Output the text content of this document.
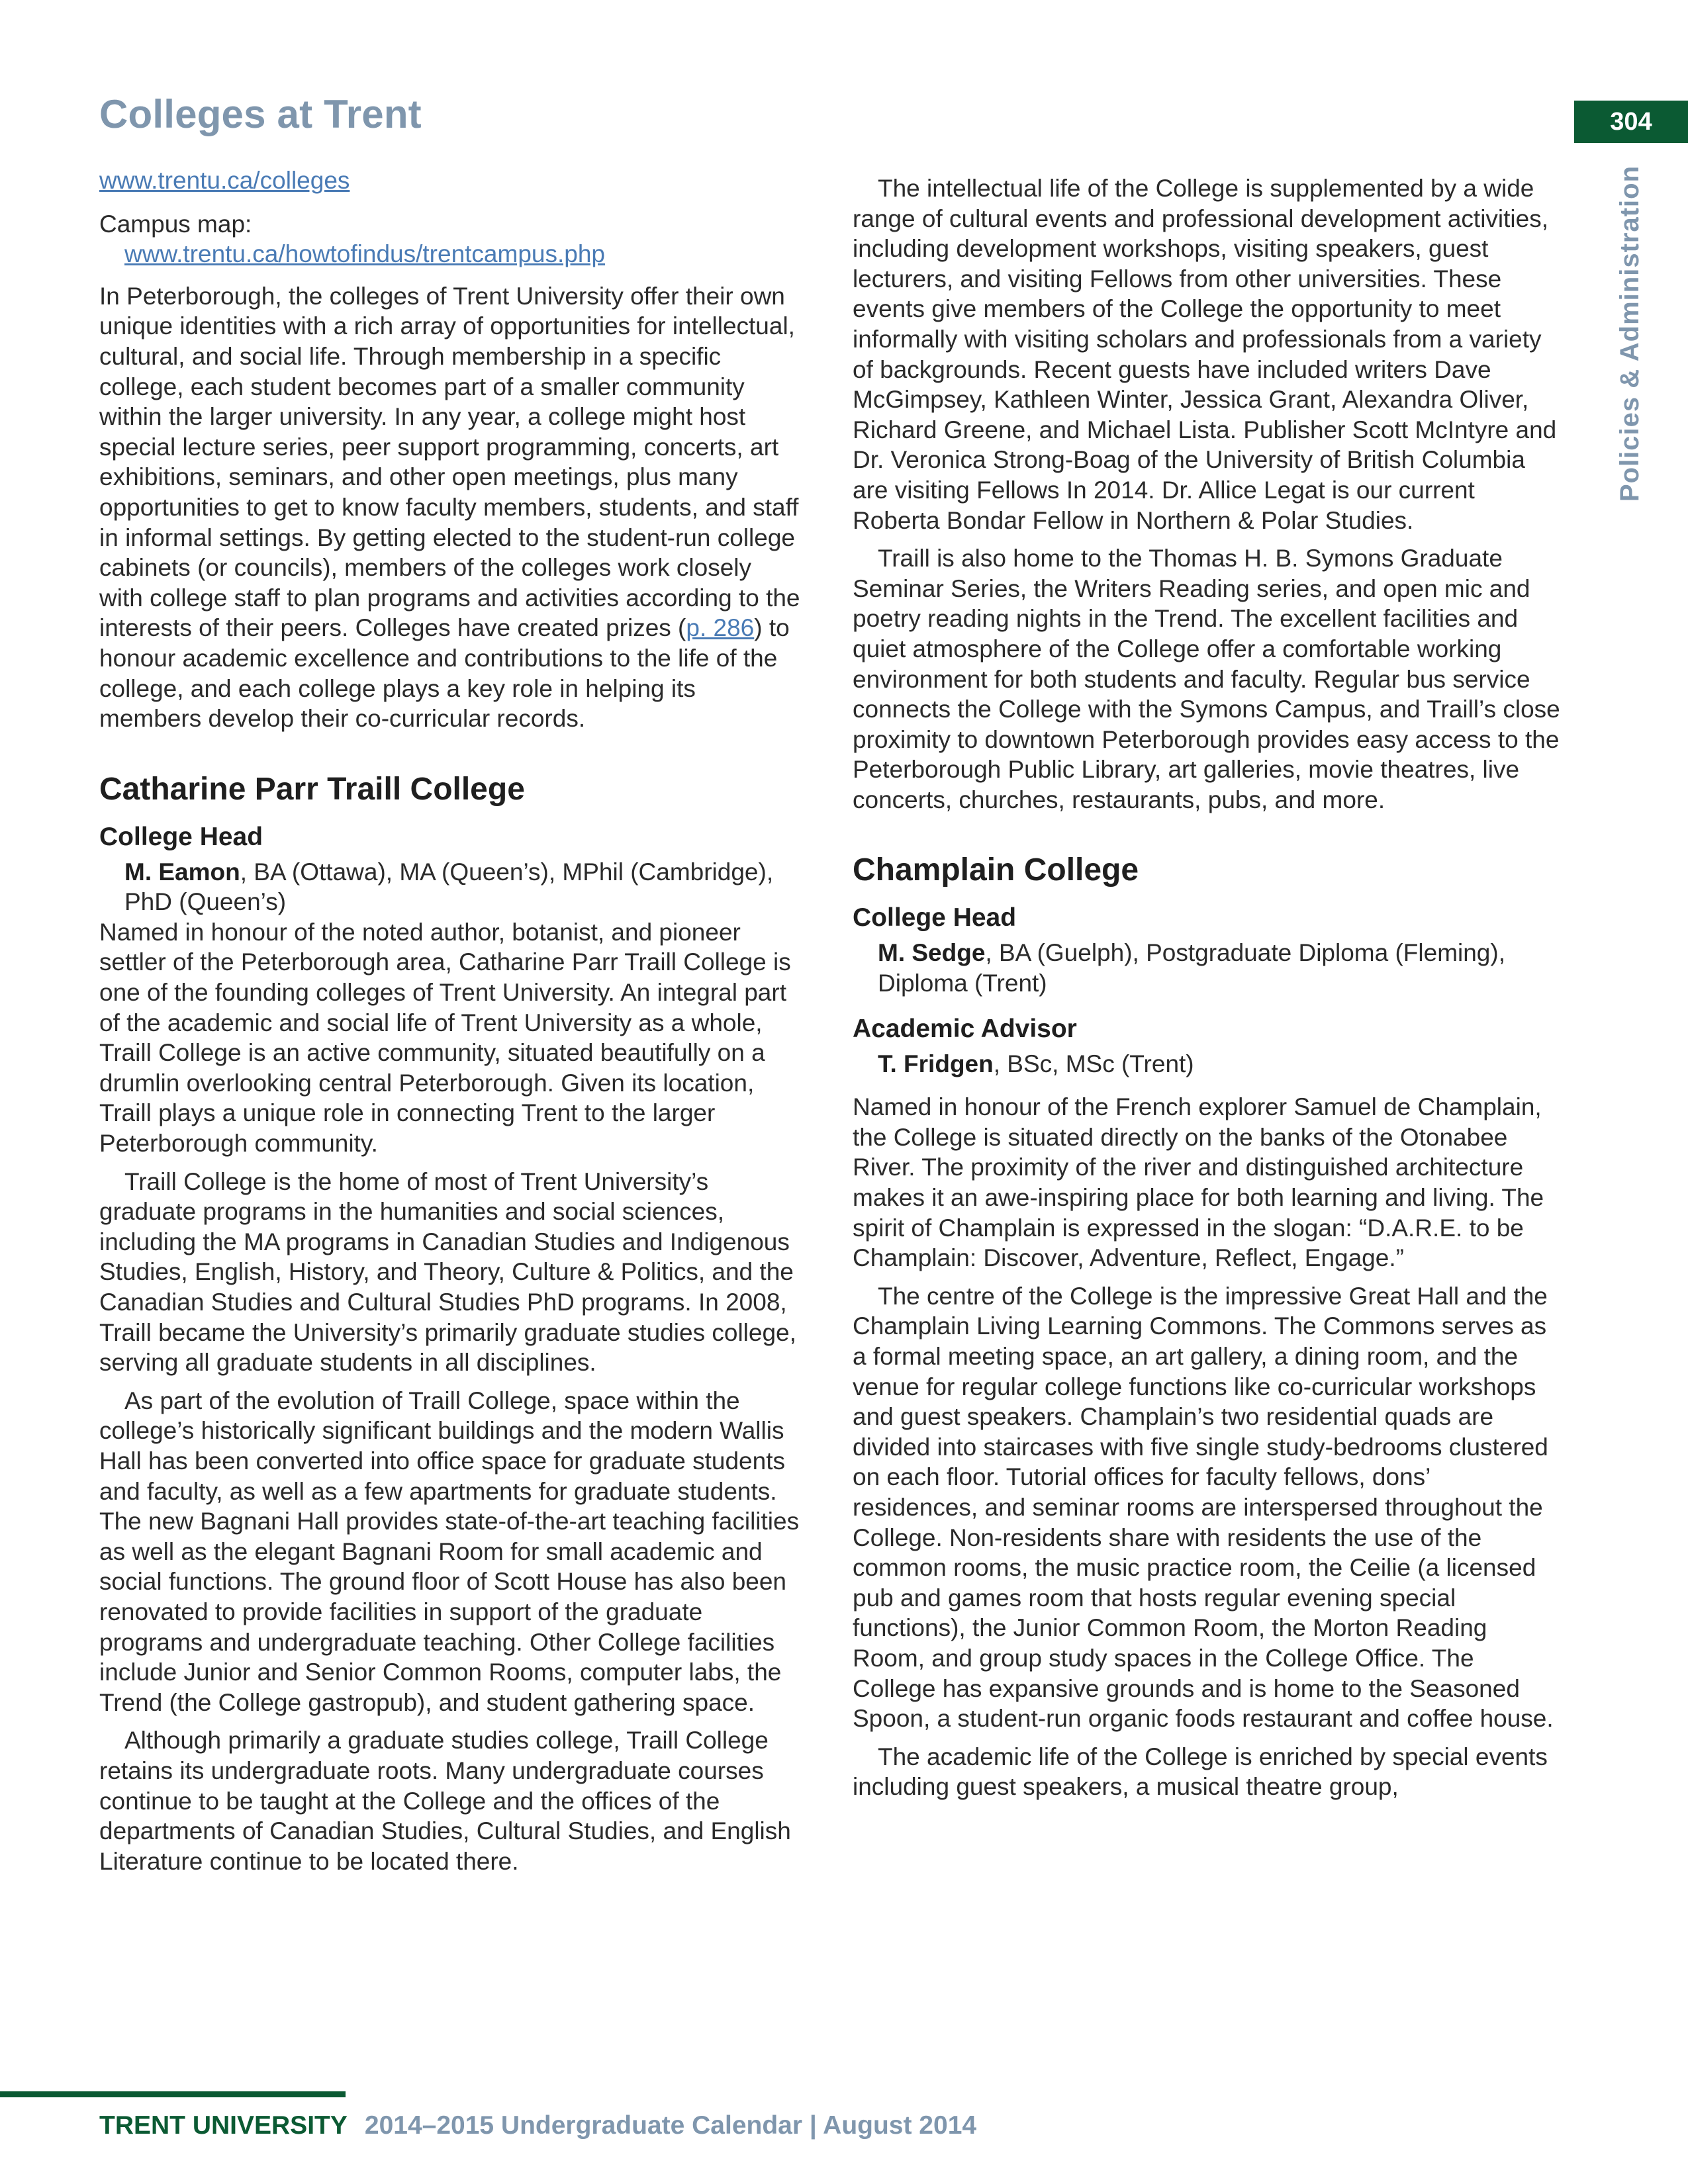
Colleges at Trent	304
Policies & Administration

www.trentu.ca/colleges

Campus map:

www.trentu.ca/howtofindus/trentcampus.php

In Peterborough, the colleges of Trent University offer their own unique identities with a rich array of opportunities for intellectual, cultural, and social life. Through membership in a specific college, each student becomes part of a smaller community within the larger university. In any year, a college might host special lecture series, peer support programming, concerts, art exhibitions, seminars, and other open meetings, plus many opportunities to get to know faculty members, students, and staff in informal settings. By getting elected to the student-run college cabinets (or councils), members of the colleges work closely with college staff to plan programs and activities according to the interests of their peers. Colleges have created prizes (p. 286) to honour academic excellence and contributions to the life of the college, and each college plays a key role in helping its members develop their co-curricular records.

Catharine Parr Traill College
College Head

M. Eamon, BA (Ottawa), MA (Queen’s), MPhil (Cambridge), PhD (Queen’s)

Named in honour of the noted author, botanist, and pioneer settler of the Peterborough area, Catharine Parr Traill College is one of the founding colleges of Trent University. An integral part of the academic and social life of Trent University as a whole, Traill College is an active community, situated beautifully on a drumlin overlooking central Peterborough. Given its location, Traill plays a unique role in connecting Trent to the larger Peterborough community.

Traill College is the home of most of Trent University’s graduate programs in the humanities and social sciences, including the MA programs in Canadian Studies and Indigenous Studies, English, History, and Theory, Culture & Politics, and the Canadian Studies and Cultural Studies PhD programs. In 2008, Traill became the University’s primarily graduate studies college, serving all graduate students in all disciplines.

As part of the evolution of Traill College, space within the college’s historically significant buildings and the modern Wallis Hall has been converted into office space for graduate students and faculty, as well as a few apartments for graduate students. The new Bagnani Hall provides state-of-the-art teaching facilities as well as the elegant Bagnani Room for small academic and social functions. The ground floor of Scott House has also been renovated to provide facilities in support of the graduate programs and undergraduate teaching. Other College facilities include Junior and Senior Common Rooms, computer labs, the Trend (the College gastropub), and student gathering space.

Although primarily a graduate studies college, Traill College retains its undergraduate roots. Many undergraduate courses continue to be taught at the College and the offices of the departments of Canadian Studies, Cultural Studies, and English Literature continue to be located there.

The intellectual life of the College is supplemented by a wide range of cultural events and professional development activities, including development workshops, visiting speakers, guest lecturers, and visiting Fellows from other universities. These events give members of the College the opportunity to meet informally with visiting scholars and professionals from a variety of backgrounds. Recent guests have included writers Dave McGimpsey, Kathleen Winter, Jessica Grant, Alexandra Oliver, Richard Greene, and Michael Lista. Publisher Scott McIntyre and Dr. Veronica Strong-Boag of the University of British Columbia are visiting Fellows In 2014. Dr. Allice Legat is our current Roberta Bondar Fellow in Northern & Polar Studies.

Traill is also home to the Thomas H. B. Symons Graduate Seminar Series, the Writers Reading series, and open mic and poetry reading nights in the Trend. The excellent facilities and quiet atmosphere of the College offer a comfortable working environment for both students and faculty. Regular bus service connects the College with the Symons Campus, and Traill’s close proximity to downtown Peterborough provides easy access to the Peterborough Public Library, art galleries, movie theatres, live concerts, churches, restaurants, pubs, and more.

Champlain College
College Head

M. Sedge, BA (Guelph), Postgraduate Diploma (Fleming), Diploma (Trent)

Academic Advisor

T. Fridgen, BSc, MSc (Trent)

Named in honour of the French explorer Samuel de Champlain, the College is situated directly on the banks of the Otonabee River. The proximity of the river and distinguished architecture makes it an awe-inspiring place for both learning and living. The spirit of Champlain is expressed in the slogan: “D.A.R.E. to be Champlain: Discover, Adventure, Reflect, Engage.”

The centre of the College is the impressive Great Hall and the Champlain Living Learning Commons. The Commons serves as a formal meeting space, an art gallery, a dining room, and the venue for regular college functions like co-curricular workshops and guest speakers. Champlain’s two residential quads are divided into staircases with five single study-bedrooms clustered on each floor. Tutorial offices for faculty fellows, dons’ residences, and seminar rooms are interspersed throughout the College. Non-residents share with residents the use of the common rooms, the music practice room, the Ceilie (a licensed pub and games room that hosts regular evening special functions), the Junior Common Room, the Morton Reading Room, and group study spaces in the College Office. The College has expansive grounds and is home to the Seasoned Spoon, a student-run organic foods restaurant and coffee house.

The academic life of the College is enriched by special events including guest speakers, a musical theatre group,

TRENT UNIVERSITY 2014–2015 Undergraduate Calendar | August 2014
